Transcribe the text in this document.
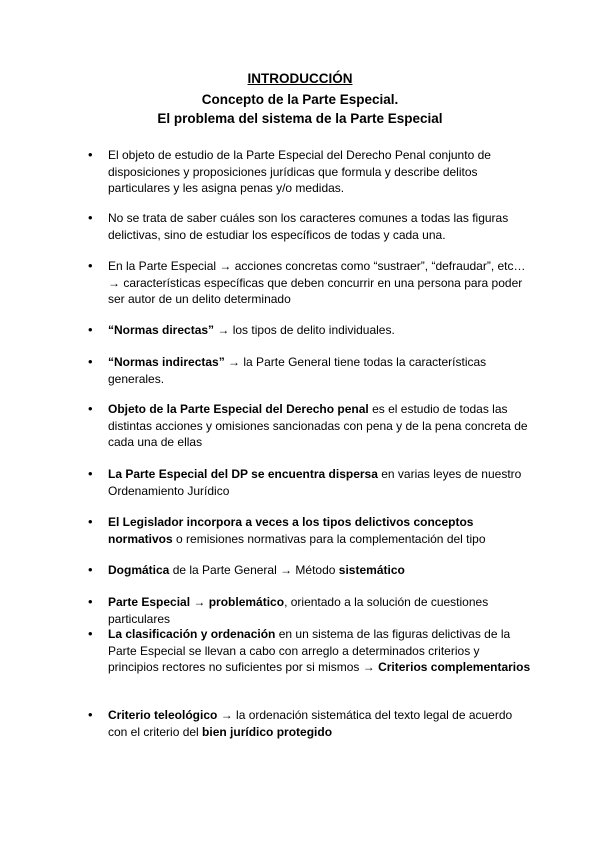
INTRODUCCIÓN
Concepto de la Parte Especial.
El problema del sistema de la Parte Especial
• El objeto de estudio de la Parte Especial del Derecho Penal conjunto de disposiciones y proposiciones jurídicas que formula y describe delitos particulares y les asigna penas y/o medidas.
• No se trata de saber cuáles son los caracteres comunes a todas las figuras delictivas, sino de estudiar los específicos de todas y cada una.
• En la Parte Especial → acciones concretas como “sustraer”, “defraudar”, etc… → características específicas que deben concurrir en una persona para poder ser autor de un delito determinado
• “Normas directas” → los tipos de delito individuales.
• “Normas indirectas” → la Parte General tiene todas la características generales.
• Objeto de la Parte Especial del Derecho penal es el estudio de todas las distintas acciones y omisiones sancionadas con pena y de la pena concreta de cada una de ellas
• La Parte Especial del DP se encuentra dispersa en varias leyes de nuestro Ordenamiento Jurídico
• El Legislador incorpora a veces a los tipos delictivos conceptos normativos o remisiones normativas para la complementación del tipo
• Dogmática de la Parte General → Método sistemático
• Parte Especial → problemático, orientado a la solución de cuestiones particulares
• La clasificación y ordenación en un sistema de las figuras delictivas de la Parte Especial se llevan a cabo con arreglo a determinados criterios y principios rectores no suficientes por si mismos → Criterios complementarios
• Criterio teleológico → la ordenación sistemática del texto legal de acuerdo con el criterio del bien jurídico protegido
